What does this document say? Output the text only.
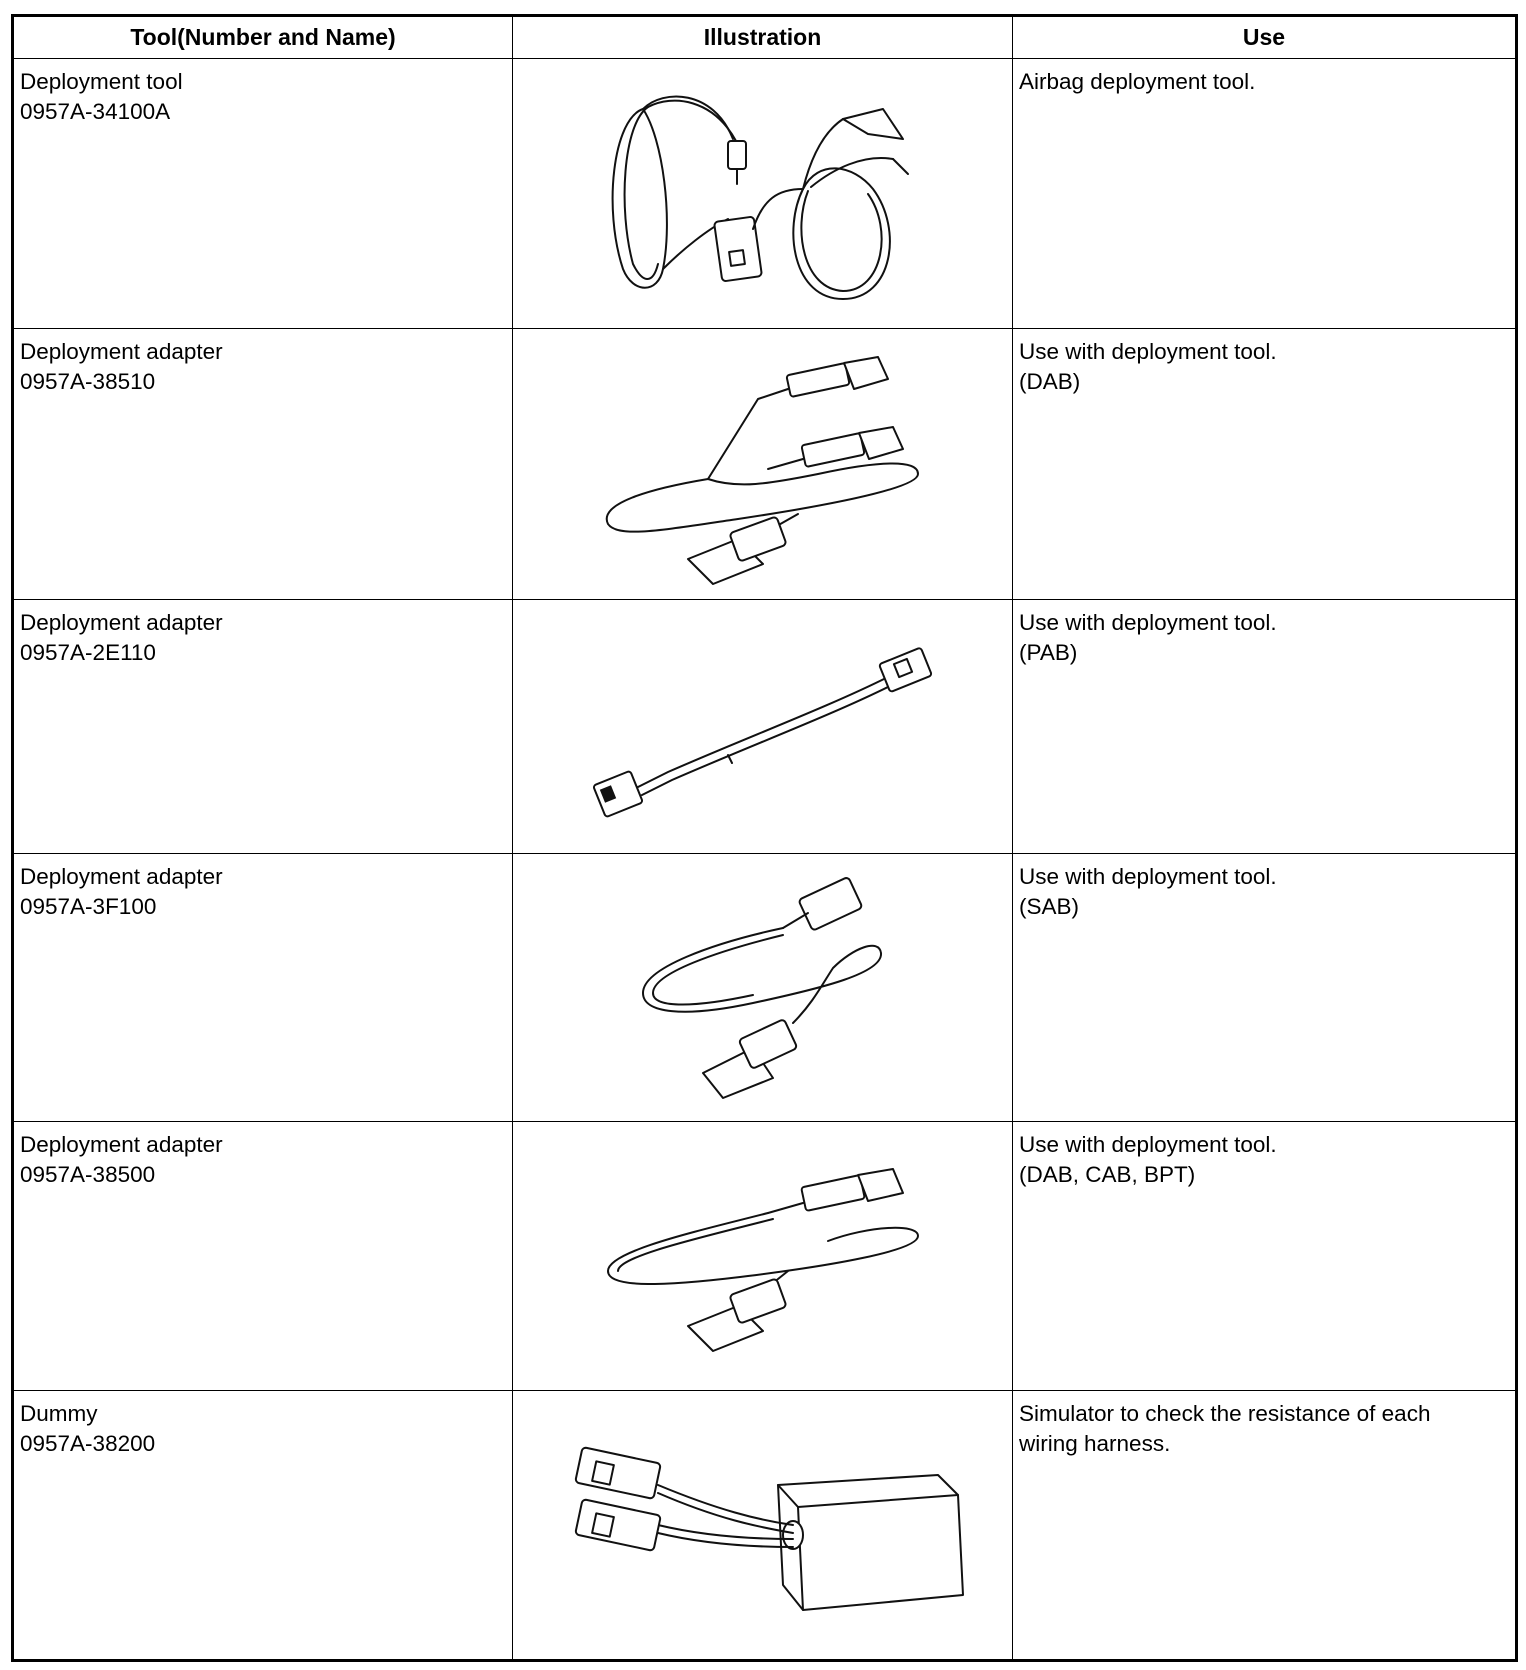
Tool(Number and Name)	Illustration	Use

Deployment tool
0957A-34100A		Airbag deployment tool.

Deployment adapter
0957A-38510		Use with deployment tool.
(DAB)

Deployment adapter
0957A-2E110		Use with deployment tool.
(PAB)

Deployment adapter
0957A-3F100		Use with deployment tool.
(SAB)

Deployment adapter
0957A-38500		Use with deployment tool.
(DAB, CAB, BPT)

Dummy
0957A-38200		Simulator to check the resistance of each
wiring harness.
